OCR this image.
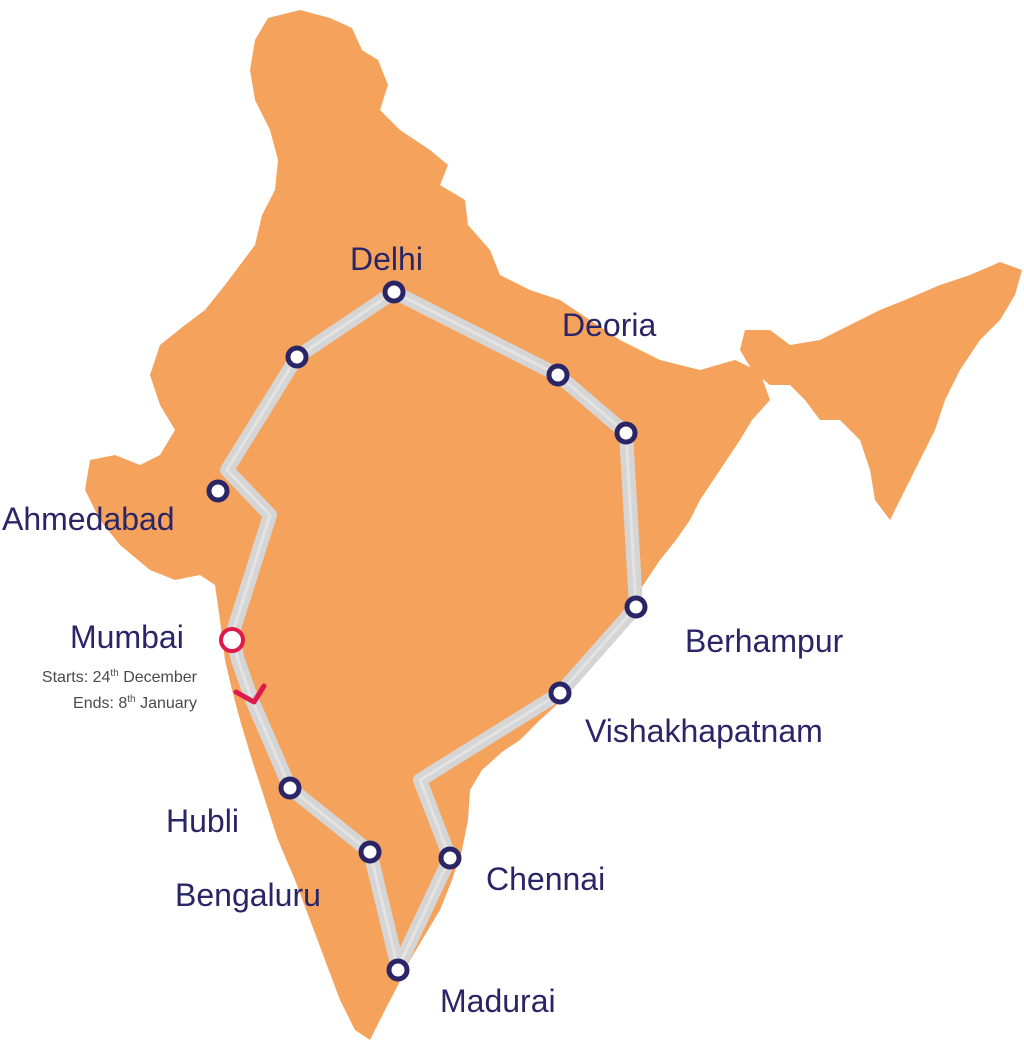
Delhi
Deoria
Ahmedabad
Mumbai	Berhampur
Vishakhapatnam
Hubli
Bengaluru	Chennai
Madurai
Starts: 24th December
Ends: 8th January
